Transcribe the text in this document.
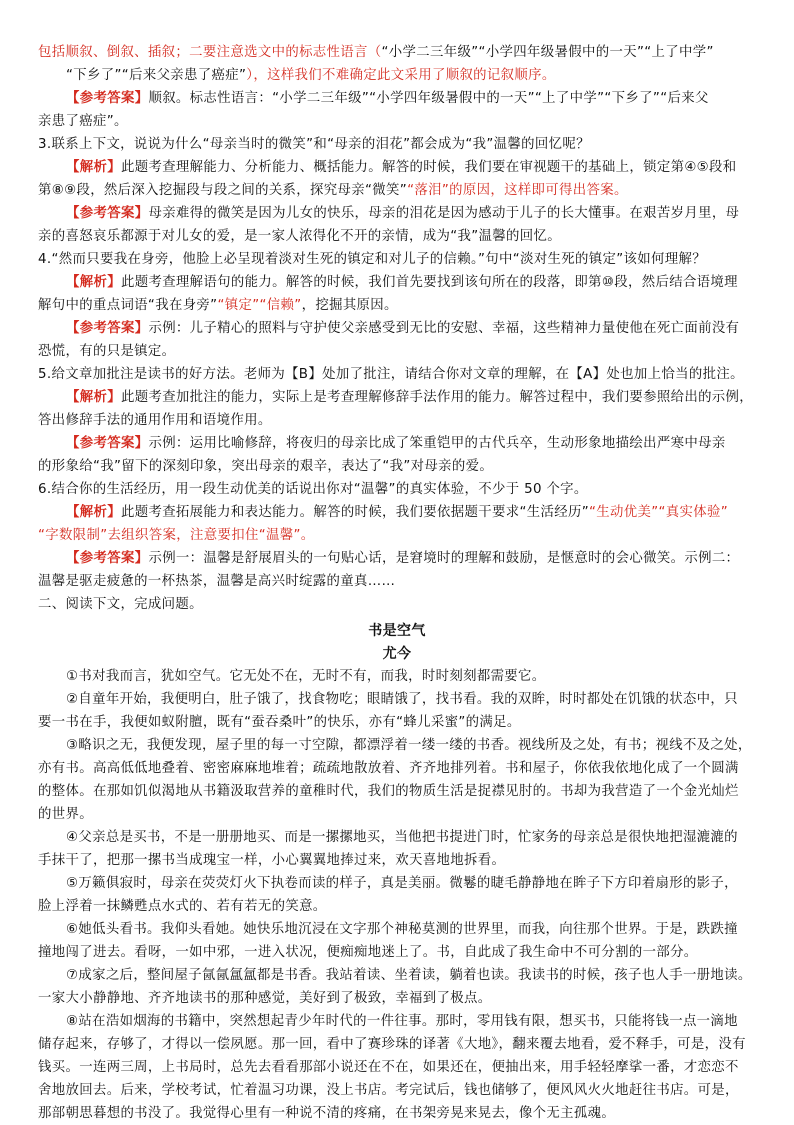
包括顺叙、倒叙、插叙；二要注意选文中的标志性语言（“小学二三年级”“小学四年级暑假中的一天”“上了中学”
“下乡了”“后来父亲患了癌症”），这样我们不难确定此文采用了顺叙的记叙顺序。
【参考答案】顺叙。标志性语言：“小学二三年级”“小学四年级暑假中的一天”“上了中学”“下乡了”“后来父
亲患了癌症”。
3.联系上下文，说说为什么“母亲当时的微笑”和“母亲的泪花”都会成为“我”温馨的回忆呢？
【解析】此题考查理解能力、分析能力、概括能力。解答的时候，我们要在审视题干的基础上，锁定第④⑤段和
第⑧⑨段，然后深入挖掘段与段之间的关系，探究母亲“微笑”“落泪”的原因，这样即可得出答案。
【参考答案】母亲难得的微笑是因为儿女的快乐，母亲的泪花是因为感动于儿子的长大懂事。在艰苦岁月里，母
亲的喜怒哀乐都源于对儿女的爱，是一家人浓得化不开的亲情，成为“我”温馨的回忆。
4.“然而只要我在身旁，他脸上必呈现着淡对生死的镇定和对儿子的信赖。”句中“淡对生死的镇定”该如何理解？
【解析】此题考查理解语句的能力。解答的时候，我们首先要找到该句所在的段落，即第⑩段，然后结合语境理
解句中的重点词语“我在身旁”“镇定”“信赖”，挖掘其原因。
【参考答案】示例：儿子精心的照料与守护使父亲感受到无比的安慰、幸福，这些精神力量使他在死亡面前没有
恐慌，有的只是镇定。
5.给文章加批注是读书的好方法。老师为【B】处加了批注，请结合你对文章的理解，在【A】处也加上恰当的批注。
【解析】此题考查加批注的能力，实际上是考查理解修辞手法作用的能力。解答过程中，我们要参照给出的示例，
答出修辞手法的通用作用和语境作用。
【参考答案】示例：运用比喻修辞，将夜归的母亲比成了笨重铠甲的古代兵卒，生动形象地描绘出严寒中母亲
的形象给“我”留下的深刻印象，突出母亲的艰辛，表达了“我”对母亲的爱。
6.结合你的生活经历，用一段生动优美的话说出你对“温馨”的真实体验，不少于 50 个字。
【解析】此题考查拓展能力和表达能力。解答的时候，我们要依据题干要求“生活经历”“生动优美”“真实体验”
“字数限制”去组织答案，注意要扣住“温馨”。
【参考答案】示例一：温馨是舒展眉头的一句贴心话，是窘境时的理解和鼓励，是惬意时的会心微笑。示例二：
温馨是驱走疲惫的一杯热茶，温馨是高兴时绽露的童真……
二、阅读下文，完成问题。
书是空气
尤今
①书对我而言，犹如空气。它无处不在，无时不有，而我，时时刻刻都需要它。
②自童年开始，我便明白，肚子饿了，找食物吃；眼睛饿了，找书看。我的双眸，时时都处在饥饿的状态中，只
要一书在手，我便如蚁附膻，既有“蚕吞桑叶”的快乐，亦有“蜂儿采蜜”的满足。
③略识之无，我便发现，屋子里的每一寸空隙，都漂浮着一缕一缕的书香。视线所及之处，有书；视线不及之处，
亦有书。高高低低地叠着、密密麻麻地堆着；疏疏地散放着、齐齐地排列着。书和屋子，你依我依地化成了一个圆满
的整体。在那如饥似渴地从书籍汲取营养的童稚时代，我们的物质生活是捉襟见肘的。书却为我营造了一个金光灿烂
的世界。
④父亲总是买书，不是一册册地买、而是一摞摞地买，当他把书提进门时，忙家务的母亲总是很快地把湿漉漉的
手抹干了，把那一摞书当成瑰宝一样，小心翼翼地捧过来，欢天喜地地拆看。
⑤万籁俱寂时，母亲在荧荧灯火下执卷而读的样子，真是美丽。微鬈的睫毛静静地在眸子下方印着扇形的影子，
脸上浮着一抹鳞甦点水式的、若有若无的笑意。
⑥她低头看书。我仰头看她。她快乐地沉浸在文字那个神秘莫测的世界里，而我，向往那个世界。于是，跌跌撞
撞地闯了进去。看呀，一如中邪，一进入状况，便痴痴地迷上了。书，自此成了我生命中不可分割的一部分。
⑦成家之后，整间屋子氤氤氲氲都是书香。我站着读、坐着读，躺着也读。我读书的时候，孩子也人手一册地读。
一家大小静静地、齐齐地读书的那种感觉，美好到了极致，幸福到了极点。
⑧站在浩如烟海的书籍中，突然想起青少年时代的一件往事。那时，零用钱有限，想买书，只能将钱一点一滴地
储存起来，存够了，才得以一偿夙愿。那一回，看中了赛珍珠的译著《大地》，翻来覆去地看，爱不释手，可是，没有
钱买。一连两三周，上书局时，总先去看看那部小说还在不在，如果还在，便抽出来，用手轻轻摩挲一番，才恋恋不
舍地放回去。后来，学校考试，忙着温习功课，没上书店。考完试后，钱也储够了，便风风火火地赶往书店。可是，
那部朝思暮想的书没了。我觉得心里有一种说不清的疼痛，在书架旁晃来晃去，像个无主孤魂。
